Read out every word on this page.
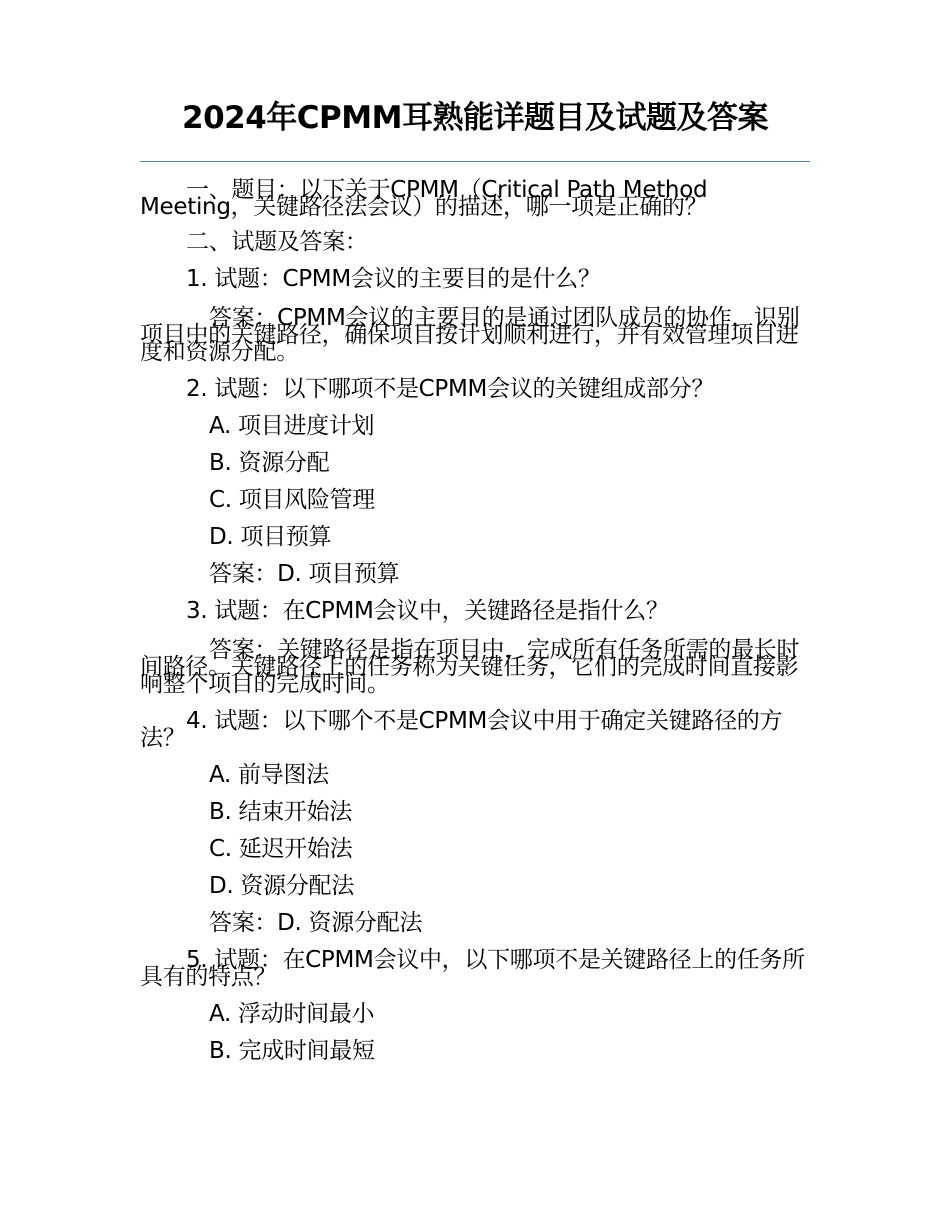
2024年CPMM耳熟能详题目及试题及答案

一、题目：以下关于CPMM（Critical Path Method Meeting，关键路径法会议）的描述，哪一项是正确的？

二、试题及答案：

1. 试题：CPMM会议的主要目的是什么？

答案：CPMM会议的主要目的是通过团队成员的协作，识别项目中的关键路径，确保项目按计划顺利进行，并有效管理项目进度和资源分配。

2. 试题：以下哪项不是CPMM会议的关键组成部分？

A. 项目进度计划

B. 资源分配

C. 项目风险管理

D. 项目预算

答案：D. 项目预算

3. 试题：在CPMM会议中，关键路径是指什么？

答案：关键路径是指在项目中，完成所有任务所需的最长时间路径。关键路径上的任务称为关键任务，它们的完成时间直接影响整个项目的完成时间。

4. 试题：以下哪个不是CPMM会议中用于确定关键路径的方法？

A. 前导图法

B. 结束开始法

C. 延迟开始法

D. 资源分配法

答案：D. 资源分配法

5. 试题：在CPMM会议中，以下哪项不是关键路径上的任务所具有的特点？

A. 浮动时间最小

B. 完成时间最短
